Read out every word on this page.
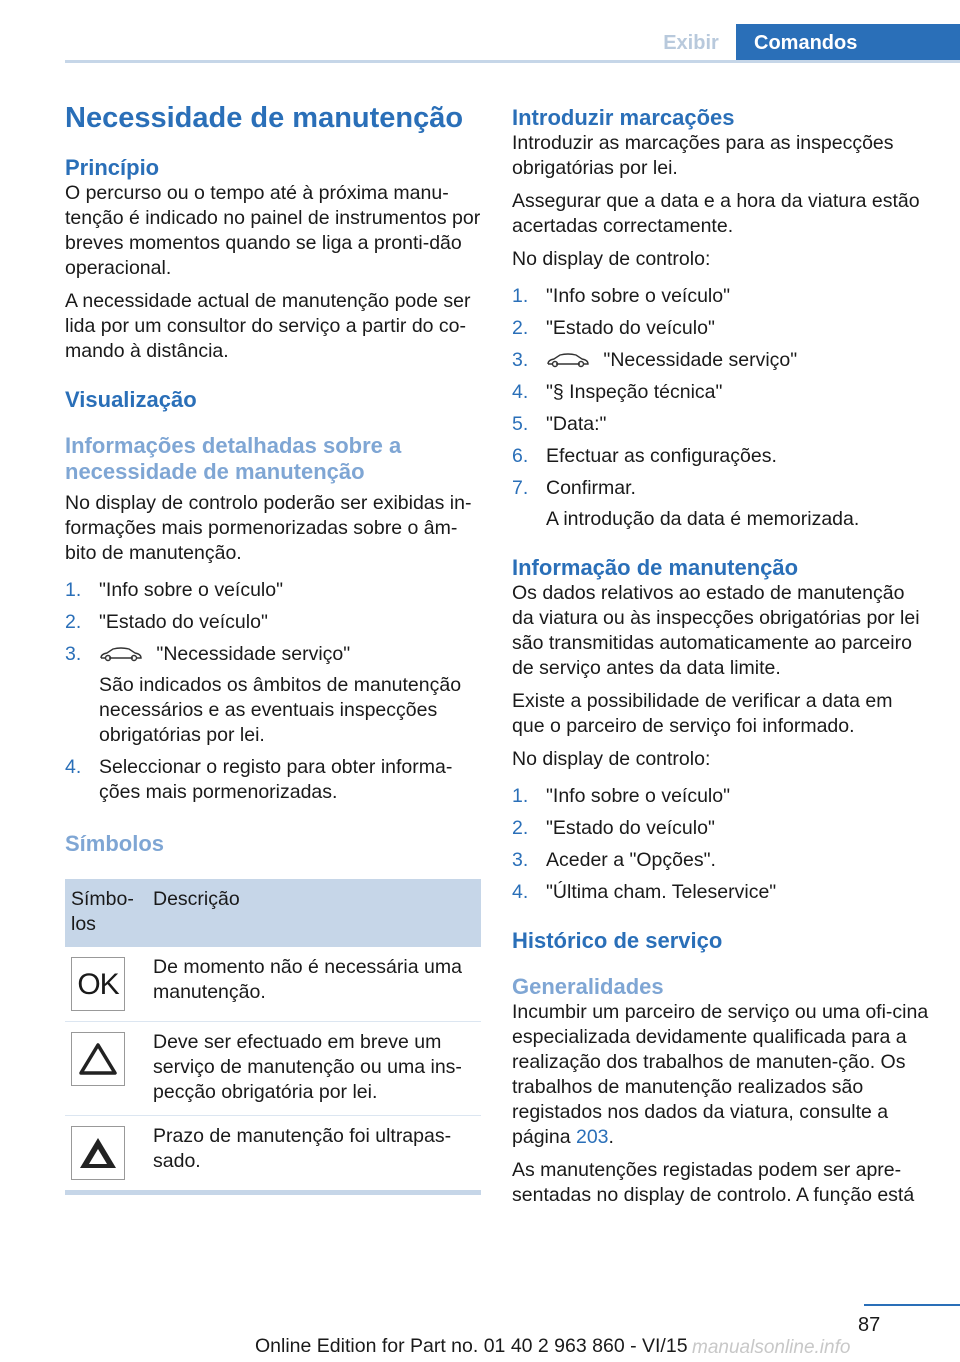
Exibir	Comandos
Necessidade de manutenção
Princípio

O percurso ou o tempo até à próxima manu‐tenção é indicado no painel de instrumentos por breves momentos quando se liga a pronti‐dão operacional.

A necessidade actual de manutenção pode ser lida por um consultor do serviço a partir do co‐mando à distância.

Visualização
Informações detalhadas sobre a necessidade de manutenção

No display de controlo poderão ser exibidas in‐formações mais pormenorizadas sobre o âm‐bito de manutenção.

1. "Info sobre o veículo"
2. "Estado do veículo"
3.	"Necessidade serviço"
São indicados os âmbitos de manutenção necessários e as eventuais inspecções obrigatórias por lei.
4. Seleccionar o registo para obter informa‐ções mais pormenorizadas.
Símbolos
Símbo‐los	Descrição

OK	De momento não é necessária uma manutenção.

	Deve ser efectuado em breve um serviço de manutenção ou uma ins‐pecção obrigatória por lei.

	Prazo de manutenção foi ultrapas‐sado.
Introduzir marcações

Introduzir as marcações para as inspecções obrigatórias por lei.

Assegurar que a data e a hora da viatura estão acertadas correctamente.

No display de controlo:

1. "Info sobre o veículo"
2. "Estado do veículo"
3.	"Necessidade serviço"
4. "§ Inspeção técnica"
5. "Data:"
6. Efectuar as configurações.
7. Confirmar.
A introdução da data é memorizada.
Informação de manutenção

Os dados relativos ao estado de manutenção da viatura ou às inspecções obrigatórias por lei são transmitidas automaticamente ao parceiro de serviço antes da data limite.

Existe a possibilidade de verificar a data em que o parceiro de serviço foi informado.

No display de controlo:

1. "Info sobre o veículo"
2. "Estado do veículo"
3. Aceder a "Opções".
4. "Última cham. Teleservice"
Histórico de serviço
Generalidades

Incumbir um parceiro de serviço ou uma ofi‐cina especializada devidamente qualificada para a realização dos trabalhos de manuten‐ção. Os trabalhos de manutenção realizados são registados nos dados da viatura, consulte a página 203.

As manutenções registadas podem ser apre‐sentadas no display de controlo. A função está

87
Online Edition for Part no. 01 40 2 963 860 - VI/15 manualsonline.info
